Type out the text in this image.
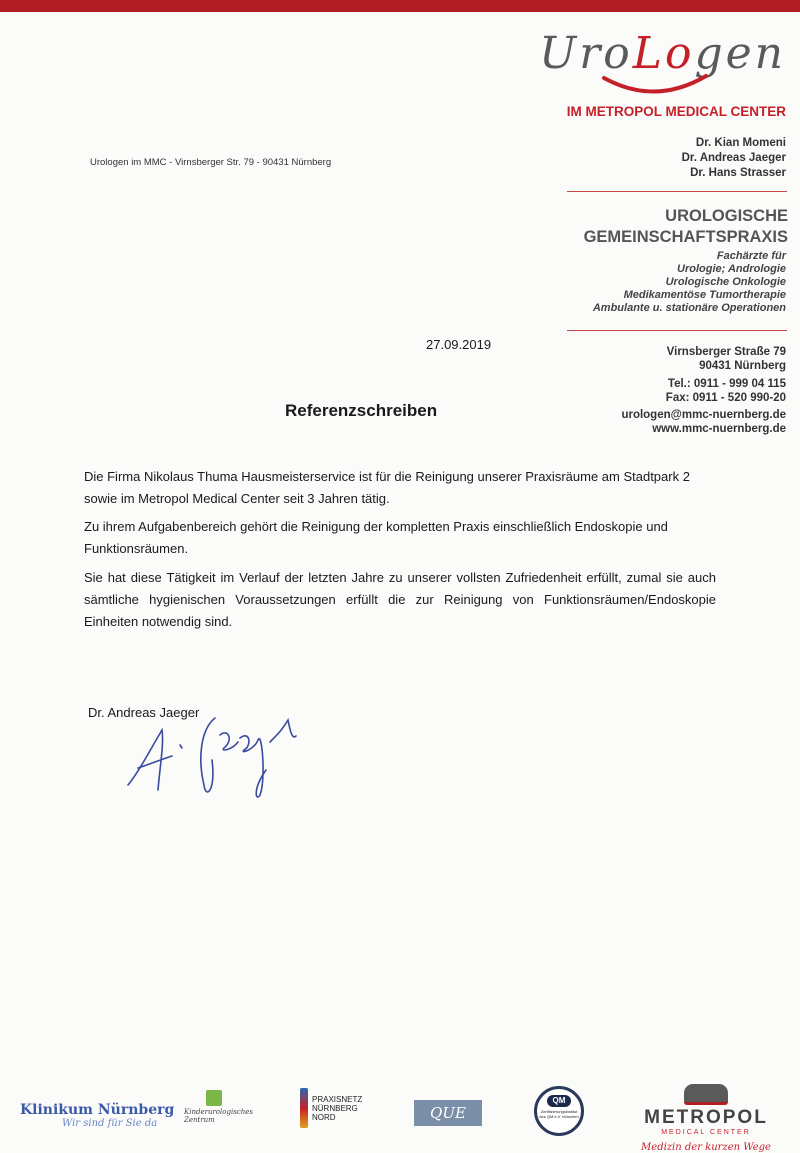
UroLogen
IM METROPOL MEDICAL CENTER
Dr. Kian Momeni
Dr. Andreas Jaeger
Dr. Hans Strasser
UROLOGISCHE
GEMEINSCHAFTSPRAXIS
Fachärzte für
Urologie; Andrologie
Urologische Onkologie
Medikamentöse Tumortherapie
Ambulante u. stationäre Operationen
Virnsberger Straße 79
90431 Nürnberg
Tel.: 0911 - 999 04 115
Fax: 0911 - 520 990-20
urologen@mmc-nuernberg.de
www.mmc-nuernberg.de
Urologen im MMC - Virnsberger Str. 79 - 90431 Nürnberg
27.09.2019
Referenzschreiben

Die Firma Nikolaus Thuma Hausmeisterservice ist für die Reinigung unserer Praxisräume am Stadtpark 2 sowie im Metropol Medical Center seit 3 Jahren tätig.

Zu ihrem Aufgabenbereich gehört die Reinigung der kompletten Praxis einschließlich Endoskopie und Funktionsräumen.

Sie hat diese Tätigkeit im Verlauf der letzten Jahre zu unserer vollsten Zufriedenheit erfüllt, zumal sie auch sämtliche hygienischen Voraussetzungen erfüllt die zur Reinigung von Funktionsräumen/Endoskopie Einheiten notwendig sind.

Dr. Andreas Jaeger
Klinikum Nürnberg
Wir sind für Sie da
Kinderurologisches Zentrum
PRAXISNETZ
NÜRNBERG
NORD	QUE
QM
Zertifizierungsinstitut des QM e.V. München	METROPOL
MEDICAL CENTER
Medizin der kurzen Wege
